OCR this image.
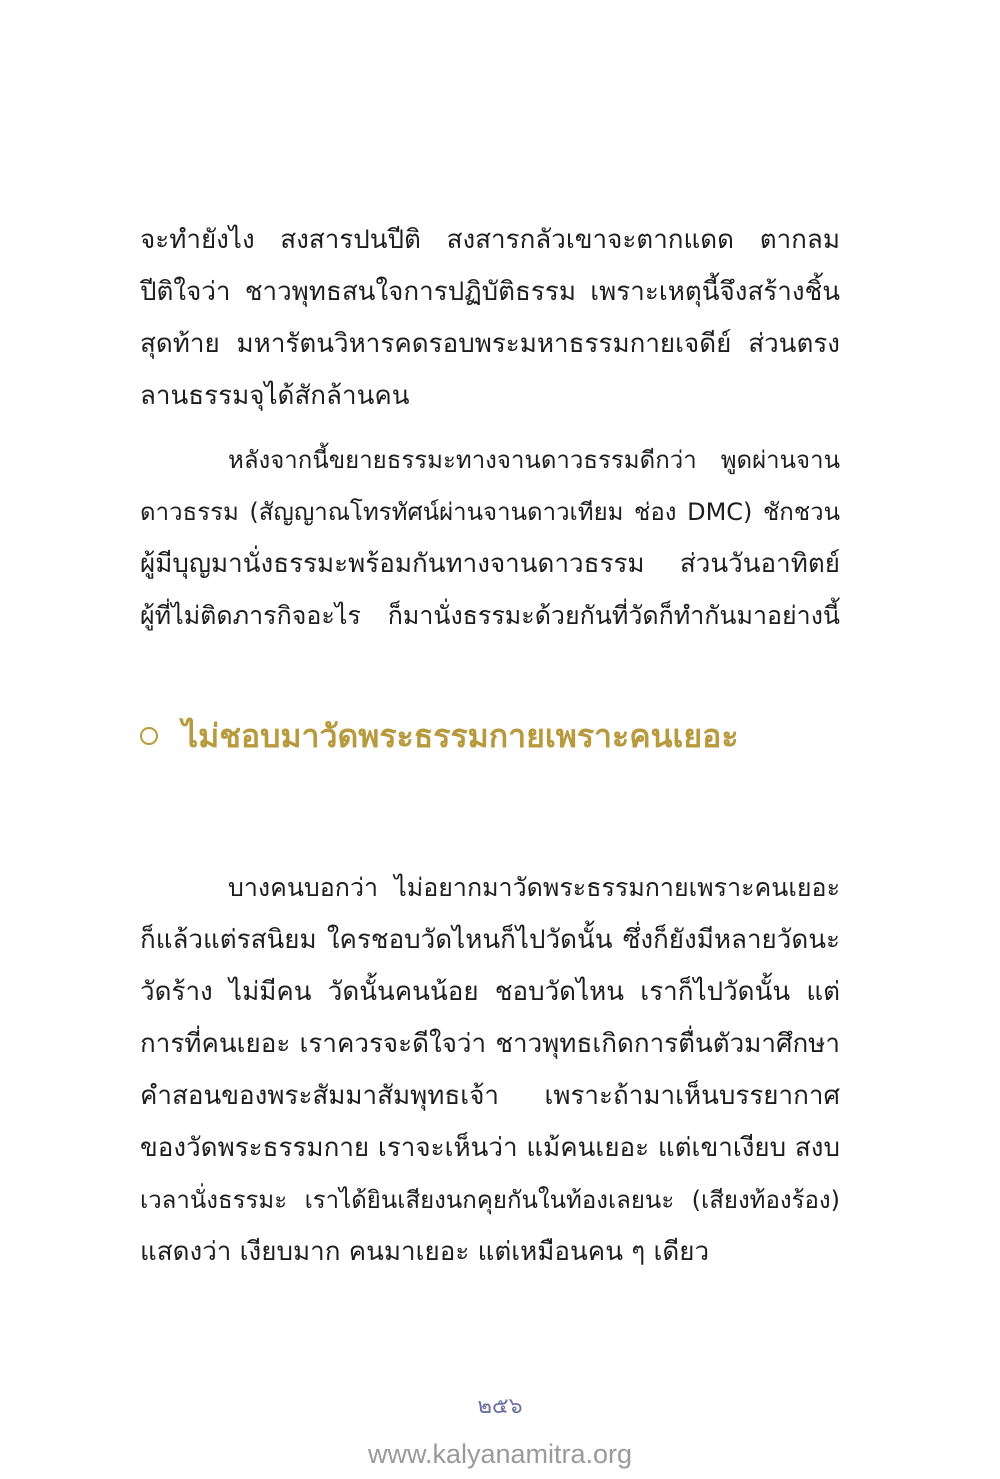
จะทำยังไง สงสารปนปีติ สงสารกลัวเขาจะตากแดด ตากลม
ปีติใจว่า ชาวพุทธสนใจการปฏิบัติธรรม เพราะเหตุนี้จึงสร้างชิ้น
สุดท้าย มหารัตนวิหารคดรอบพระมหาธรรมกายเจดีย์ ส่วนตรง
ลานธรรมจุได้สักล้านคน
หลังจากนี้ขยายธรรมะทางจานดาวธรรมดีกว่า พูดผ่านจาน
ดาวธรรม (สัญญาณโทรทัศน์ผ่านจานดาวเทียม ช่อง DMC) ชักชวน
ผู้มีบุญมานั่งธรรมะพร้อมกันทางจานดาวธรรม ส่วนวันอาทิตย์
ผู้ที่ไม่ติดภารกิจอะไร ก็มานั่งธรรมะด้วยกันที่วัดก็ทำกันมาอย่างนี้
ไม่ชอบมาวัดพระธรรมกายเพราะคนเยอะ
บางคนบอกว่า ไม่อยากมาวัดพระธรรมกายเพราะคนเยอะ
ก็แล้วแต่รสนิยม ใครชอบวัดไหนก็ไปวัดนั้น ซึ่งก็ยังมีหลายวัดนะ
วัดร้าง ไม่มีคน วัดนั้นคนน้อย ชอบวัดไหน เราก็ไปวัดนั้น แต่
การที่คนเยอะ เราควรจะดีใจว่า ชาวพุทธเกิดการตื่นตัวมาศึกษา
คำสอนของพระสัมมาสัมพุทธเจ้า เพราะถ้ามาเห็นบรรยากาศ
ของวัดพระธรรมกาย เราจะเห็นว่า แม้คนเยอะ แต่เขาเงียบ สงบ
เวลานั่งธรรมะ เราได้ยินเสียงนกคุยกันในท้องเลยนะ (เสียงท้องร้อง)
แสดงว่า เงียบมาก คนมาเยอะ แต่เหมือนคน ๆ เดียว
๒๕๖
www.kalyanamitra.org
